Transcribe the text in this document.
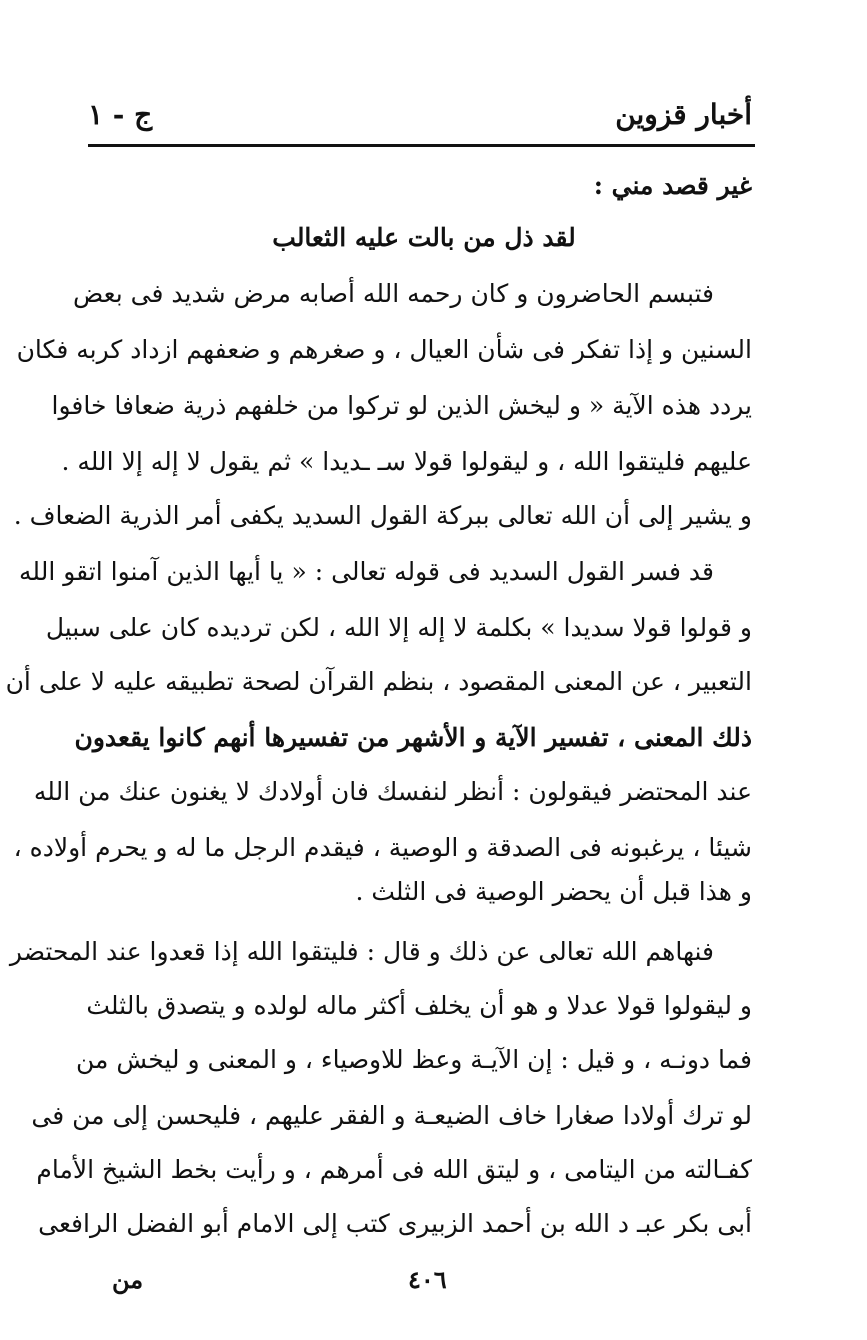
أخبار قزوين
ج - ١
غير قصد مني :
لقد ذل من بالت عليه الثعالب
فتبسم الحاضرون و كان رحمه الله أصابه مرض شديد فى بعض
السنين و إذا تفكر فى شأن العيال ، و صغرهم و ضعفهم ازداد كربه فكان
يردد هذه الآية « و ليخش الذين لو تركوا من خلفهم ذرية ضعافا خافوا
عليهم فليتقوا الله ، و ليقولوا قولا سـ ـديدا » ثم يقول لا إله إلا الله .
و يشير إلى أن الله تعالى ببركة القول السديد يكفى أمر الذرية الضعاف .
قد فسر القول السديد فى قوله تعالى : « يا أيها الذين آمنوا اتقو الله
و قولوا قولا سديدا » بكلمة لا إله إلا الله ، لكن ترديده كان على سبيل
التعبير ، عن المعنى المقصود ، بنظم القرآن لصحة تطبيقه عليه لا على أن
ذلك المعنى ، تفسير الآية و الأشهر من تفسيرها أنهم كانوا يقعدون
عند المحتضر فيقولون : أنظر لنفسك فان أولادك لا يغنون عنك من الله
شيئا ، يرغبونه فى الصدقة و الوصية ، فيقدم الرجل ما له و يحرم أولاده ،
و هذا قبل أن يحضر الوصية فى الثلث .
فنهاهم الله تعالى عن ذلك و قال : فليتقوا الله إذا قعدوا عند المحتضر
و ليقولوا قولا عدلا و هو أن يخلف أكثر ماله لولده و يتصدق بالثلث
فما دونـه ، و قيل : إن الآيـة وعظ للاوصياء ، و المعنى و ليخش من
لو ترك أولادا صغارا خاف الضيعـة و الفقر عليهم ، فليحسن إلى من فى
كفـالته من اليتامى ، و ليتق الله فى أمرهم ، و رأيت بخط الشيخ الأمام
أبى بكر عبـ د الله بن أحمد الزبيرى كتب إلى الامام أبو الفضل الرافعى
٤٠٦
من
